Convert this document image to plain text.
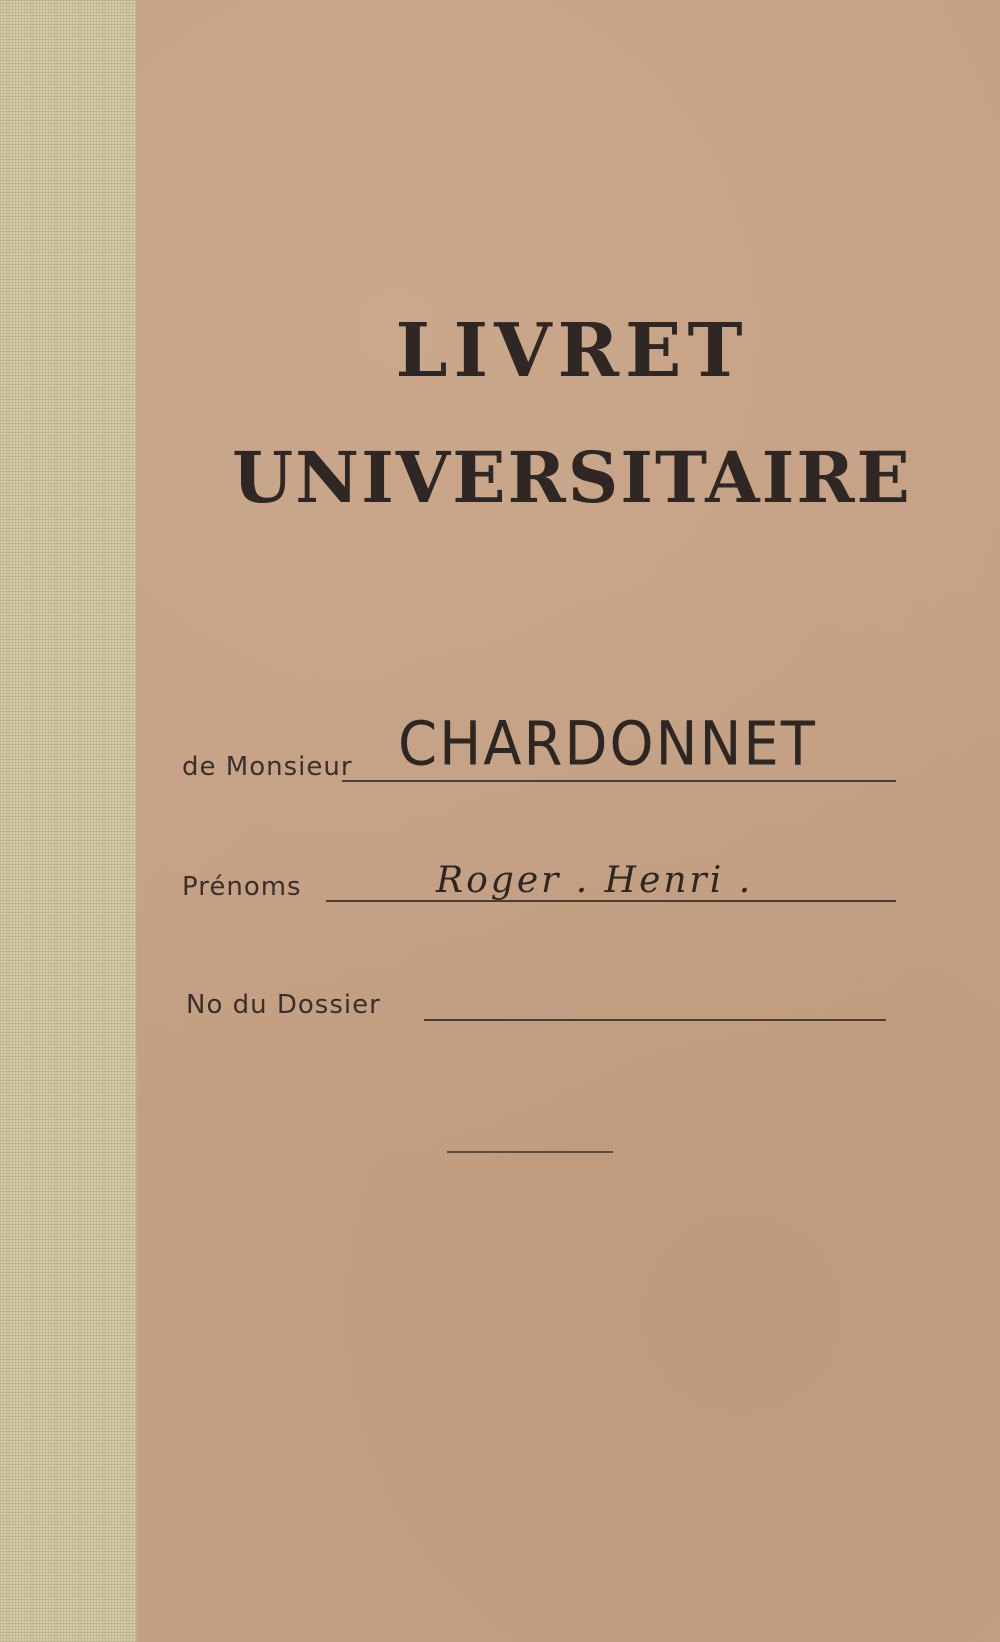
LIVRET
UNIVERSITAIRE
de Monsieur CHARDONNET
Prénoms	Roger . Henri .
No du Dossier
